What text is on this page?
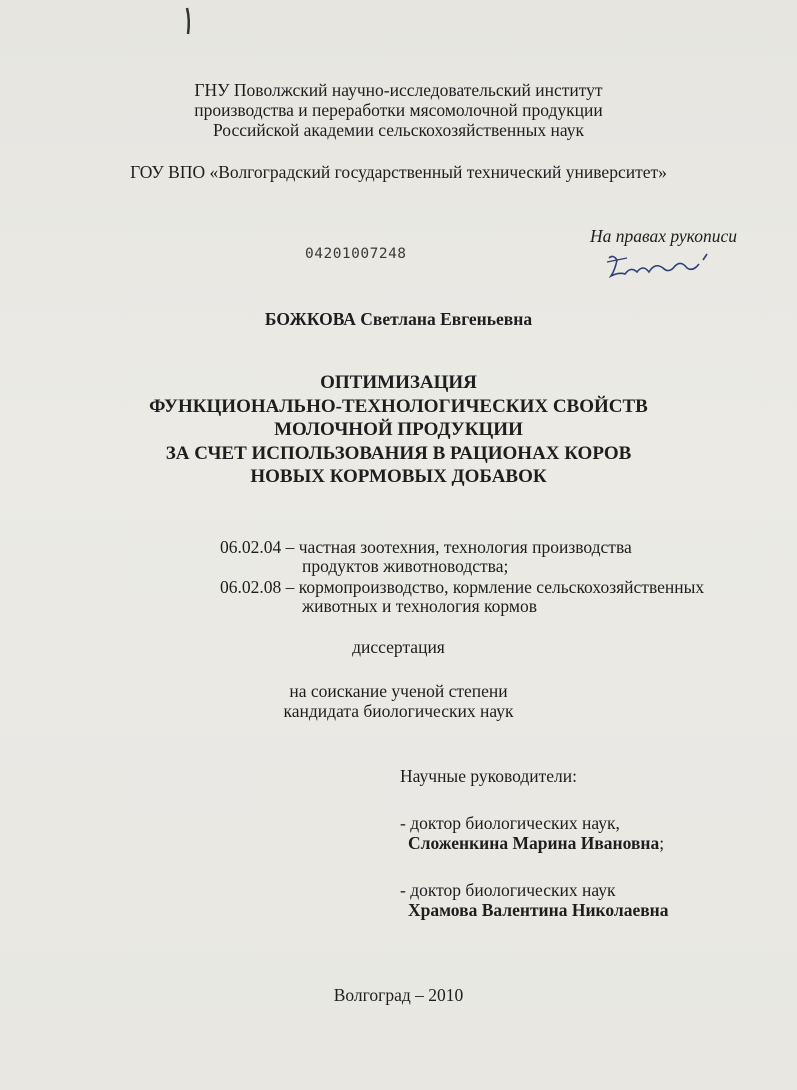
ГНУ Поволжский научно-исследовательский институт
производства и переработки мясомолочной продукции
Российской академии сельскохозяйственных наук
ГОУ ВПО «Волгоградский государственный технический университет»
На правах рукописи
04201007248
БОЖКОВА Светлана Евгеньевна
ОПТИМИЗАЦИЯ
ФУНКЦИОНАЛЬНО-ТЕХНОЛОГИЧЕСКИХ СВОЙСТВ
МОЛОЧНОЙ ПРОДУКЦИИ
ЗА СЧЕТ ИСПОЛЬЗОВАНИЯ В РАЦИОНАХ КОРОВ
НОВЫХ КОРМОВЫХ ДОБАВОК
06.02.04 – частная зоотехния, технология производства
продуктов животноводства;
06.02.08 – кормопроизводство, кормление сельскохозяйственных
животных и технология кормов
диссертация
на соискание ученой степени
кандидата биологических наук
Научные руководители:
- доктор биологических наук,
Сложенкина Марина Ивановна;
- доктор биологических наук
Храмова Валентина Николаевна
Волгоград – 2010
